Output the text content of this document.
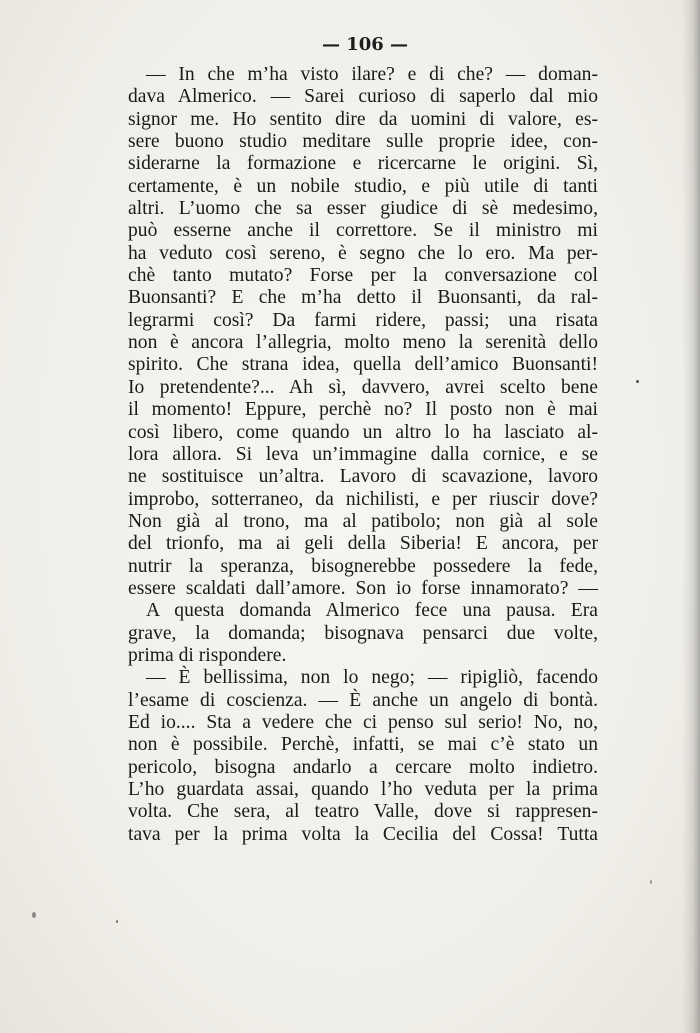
— 106 —
— In che m’ha visto ilare? e di che? — doman-
dava Almerico. — Sarei curioso di saperlo dal mio
signor me. Ho sentito dire da uomini di valore, es-
sere buono studio meditare sulle proprie idee, con-
siderarne la formazione e ricercarne le origini. Sì,
certamente, è un nobile studio, e più utile di tanti
altri. L’uomo che sa esser giudice di sè medesimo,
può esserne anche il correttore. Se il ministro mi
ha veduto così sereno, è segno che lo ero. Ma per-
chè tanto mutato? Forse per la conversazione col
Buonsanti? E che m’ha detto il Buonsanti, da ral-
legrarmi così? Da farmi ridere, passi; una risata
non è ancora l’allegria, molto meno la serenità dello
spirito. Che strana idea, quella dell’amico Buonsanti!
Io pretendente?... Ah sì, davvero, avrei scelto bene
il momento! Eppure, perchè no? Il posto non è mai
così libero, come quando un altro lo ha lasciato al-
lora allora. Si leva un’immagine dalla cornice, e se
ne sostituisce un’altra. Lavoro di scavazione, lavoro
improbo, sotterraneo, da nichilisti, e per riuscir dove?
Non già al trono, ma al patibolo; non già al sole
del trionfo, ma ai geli della Siberia! E ancora, per
nutrir la speranza, bisognerebbe possedere la fede,
essere scaldati dall’amore. Son io forse innamorato? —
A questa domanda Almerico fece una pausa. Era
grave, la domanda; bisognava pensarci due volte,
prima di rispondere.
— È bellissima, non lo nego; — ripigliò, facendo
l’esame di coscienza. — È anche un angelo di bontà.
Ed io.... Sta a vedere che ci penso sul serio! No, no,
non è possibile. Perchè, infatti, se mai c’è stato un
pericolo, bisogna andarlo a cercare molto indietro.
L’ho guardata assai, quando l’ho veduta per la prima
volta. Che sera, al teatro Valle, dove si rappresen-
tava per la prima volta la Cecilia del Cossa! Tutta
